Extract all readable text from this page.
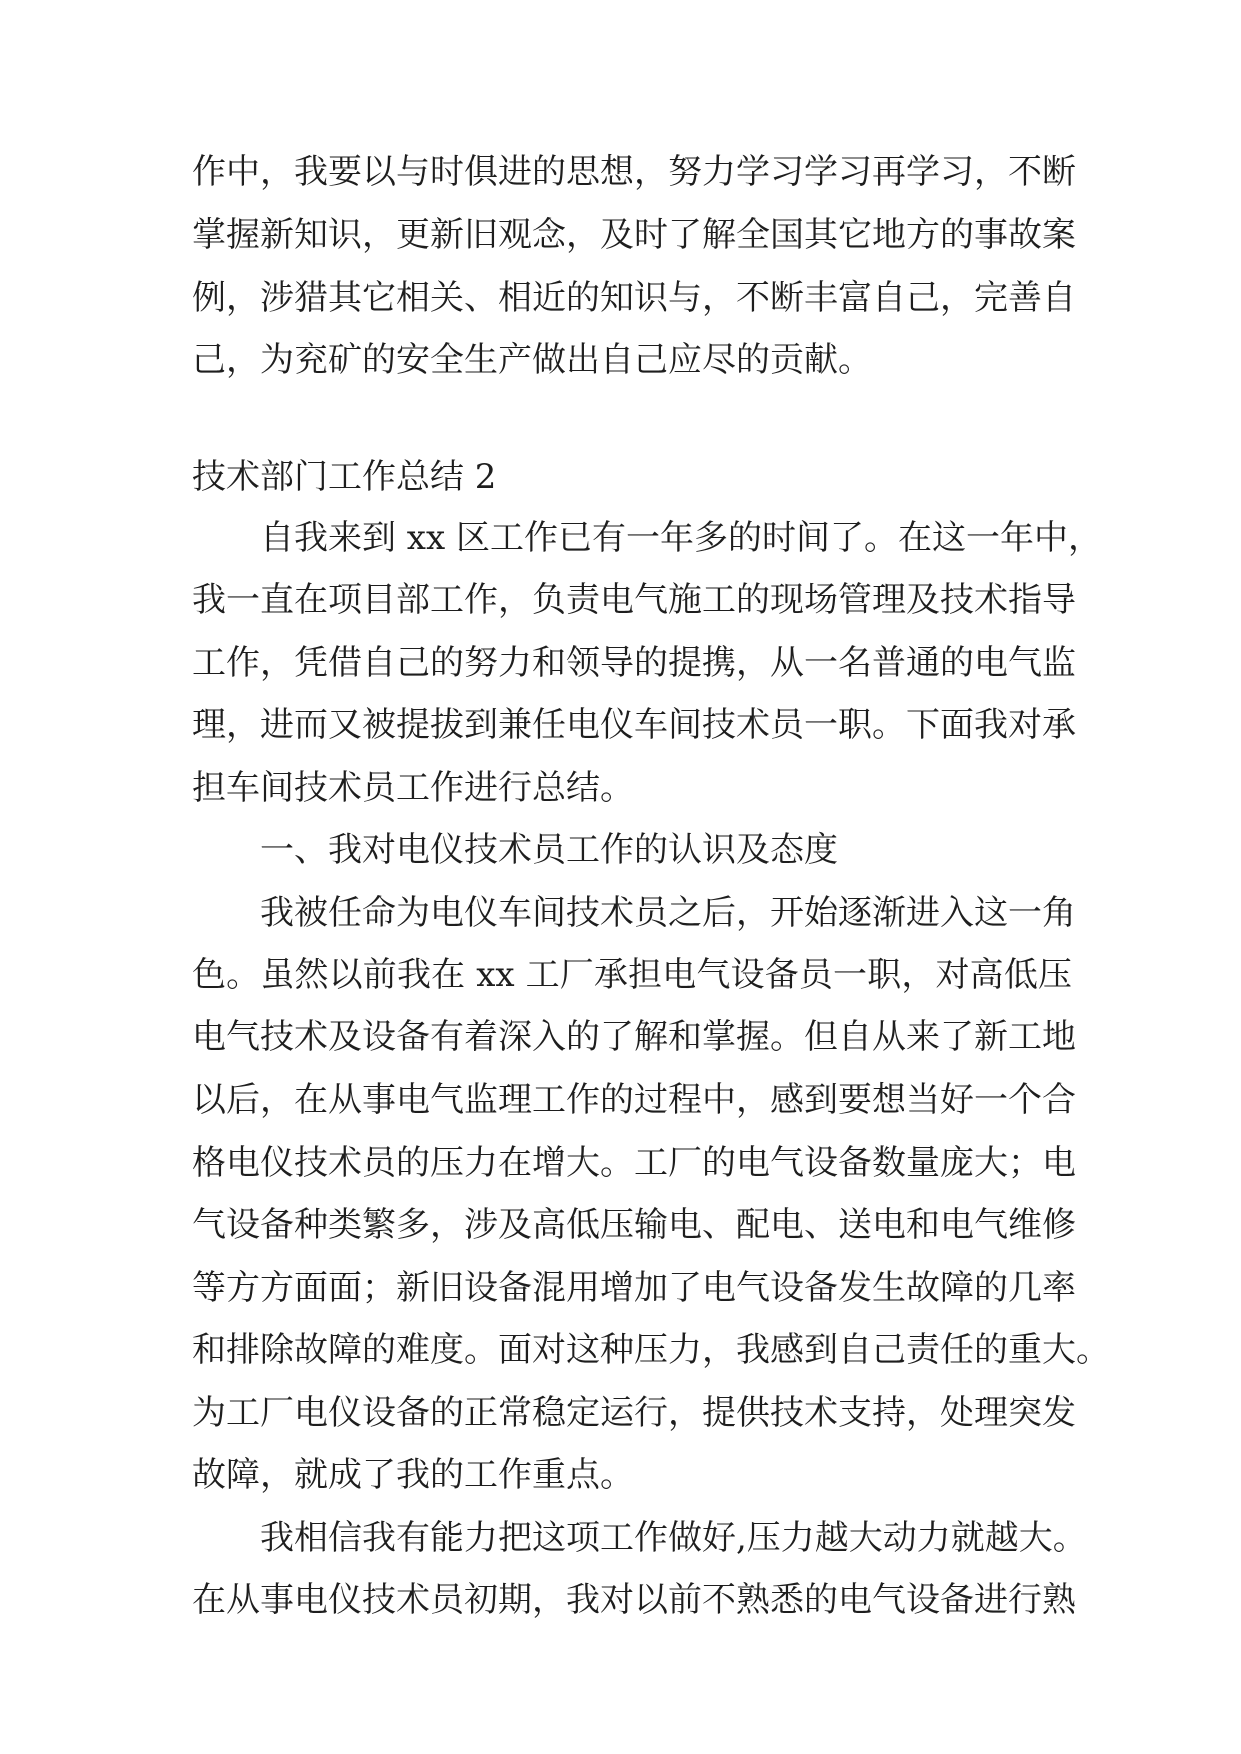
作中，我要以与时俱进的思想，努力学习学习再学习，不断

掌握新知识，更新旧观念，及时了解全国其它地方的事故案

例，涉猎其它相关、相近的知识与，不断丰富自己，完善自

己，为兖矿的安全生产做出自己应尽的贡献。

技术部门工作总结 2

自我来到 xx 区工作已有一年多的时间了。在这一年中，

我一直在项目部工作，负责电气施工的现场管理及技术指导

工作，凭借自己的努力和领导的提携，从一名普通的电气监

理，进而又被提拔到兼任电仪车间技术员一职。下面我对承

担车间技术员工作进行总结。

一、我对电仪技术员工作的认识及态度

我被任命为电仪车间技术员之后，开始逐渐进入这一角

色。虽然以前我在 xx 工厂承担电气设备员一职，对高低压

电气技术及设备有着深入的了解和掌握。但自从来了新工地

以后，在从事电气监理工作的过程中，感到要想当好一个合

格电仪技术员的压力在增大。工厂的电气设备数量庞大；电

气设备种类繁多，涉及高低压输电、配电、送电和电气维修

等方方面面；新旧设备混用增加了电气设备发生故障的几率

和排除故障的难度。面对这种压力，我感到自己责任的重大。

为工厂电仪设备的正常稳定运行，提供技术支持，处理突发

故障，就成了我的工作重点。

我相信我有能力把这项工作做好,压力越大动力就越大。

在从事电仪技术员初期，我对以前不熟悉的电气设备进行熟
